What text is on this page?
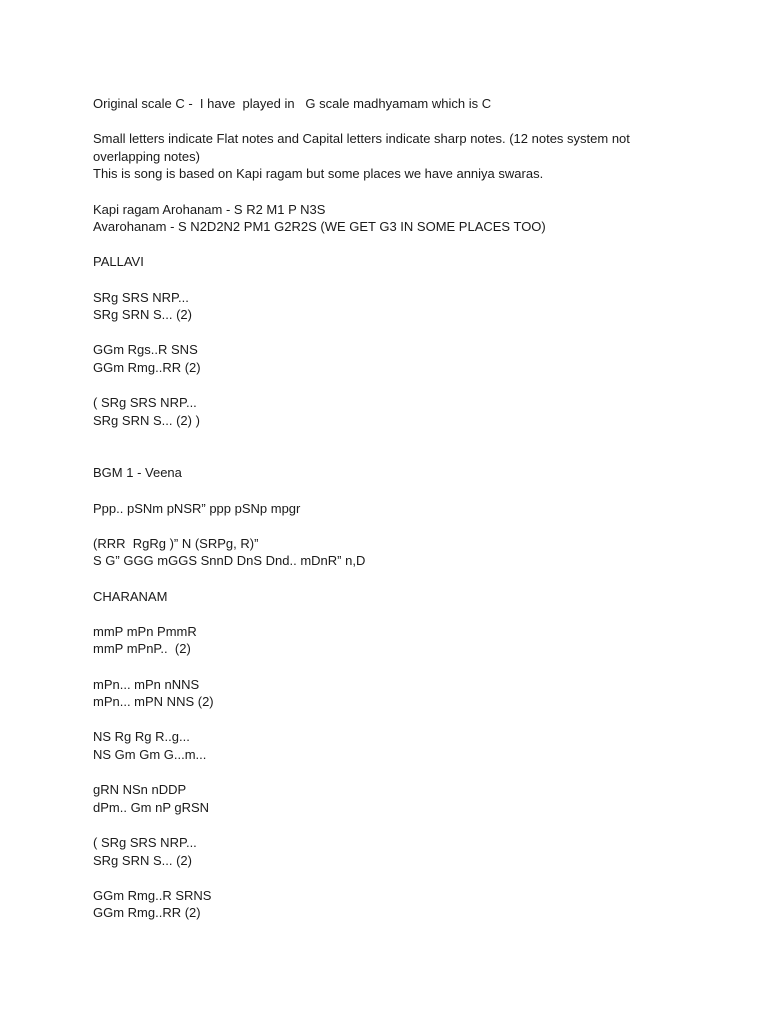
Original scale C -  I have  played in   G scale madhyamam which is C
Small letters indicate Flat notes and Capital letters indicate sharp notes. (12 notes system not overlapping notes)
This is song is based on Kapi ragam but some places we have anniya swaras.
Kapi ragam Arohanam - S R2 M1 P N3S
Avarohanam - S N2D2N2 PM1 G2R2S (WE GET G3 IN SOME PLACES TOO)
PALLAVI
SRg SRS NRP...
SRg SRN S... (2)
GGm Rgs..R SNS
GGm Rmg..RR (2)
( SRg SRS NRP...
SRg SRN S... (2) )
BGM 1 - Veena
Ppp.. pSNm pNSR” ppp pSNp mpgr
(RRR  RgRg )” N (SRPg, R)”
S G” GGG mGGS SnnD DnS Dnd.. mDnR” n,D
CHARANAM
mmP mPn PmmR
mmP mPnP..  (2)
mPn... mPn nNNS
mPn... mPN NNS (2)
NS Rg Rg R..g...
NS Gm Gm G...m...
gRN NSn nDDP
dPm.. Gm nP gRSN
( SRg SRS NRP...
SRg SRN S... (2)
GGm Rmg..R SRNS
GGm Rmg..RR (2)
